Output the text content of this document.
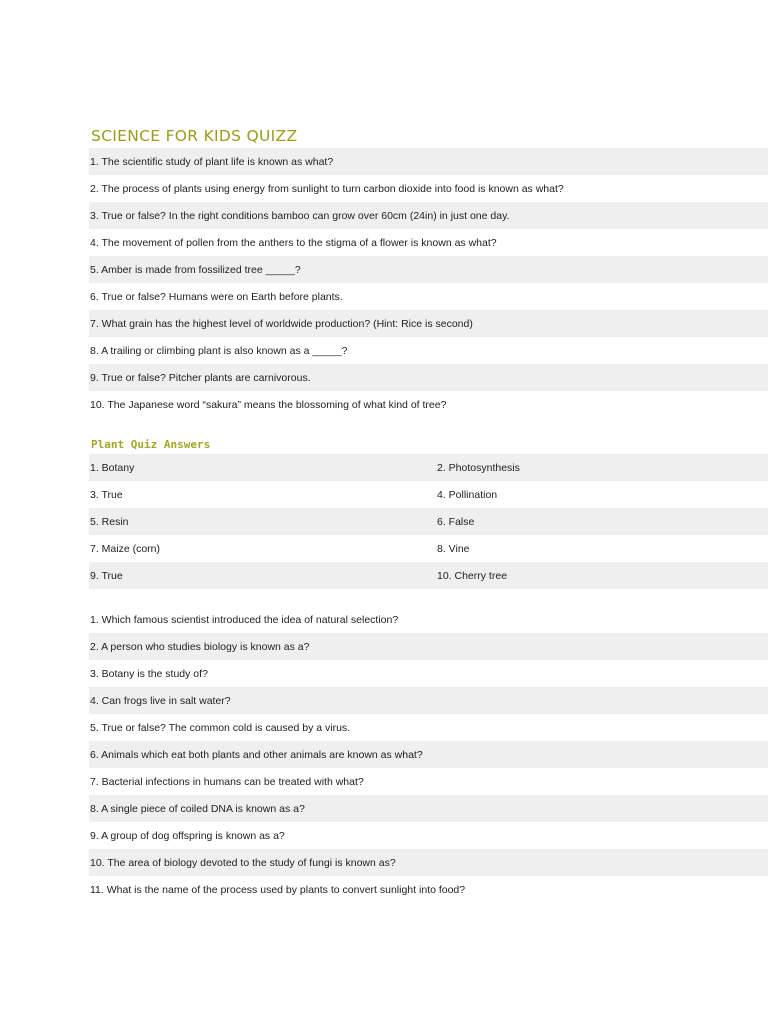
SCIENCE FOR KIDS QUIZZ
1. The scientific study of plant life is known as what?
2. The process of plants using energy from sunlight to turn carbon dioxide into food is known as what?
3. True or false? In the right conditions bamboo can grow over 60cm (24in) in just one day.
4. The movement of pollen from the anthers to the stigma of a flower is known as what?
5. Amber is made from fossilized tree _____?
6. True or false? Humans were on Earth before plants.
7. What grain has the highest level of worldwide production? (Hint: Rice is second)
8. A trailing or climbing plant is also known as a _____?
9. True or false? Pitcher plants are carnivorous.
10. The Japanese word “sakura” means the blossoming of what kind of tree?
Plant Quiz Answers
1. Botany	2. Photosynthesis
3. True	4. Pollination
5. Resin	6. False
7. Maize (corn)	8. Vine
9. True	10. Cherry tree
1. Which famous scientist introduced the idea of natural selection?
2. A person who studies biology is known as a?
3. Botany is the study of?
4. Can frogs live in salt water?
5. True or false? The common cold is caused by a virus.
6. Animals which eat both plants and other animals are known as what?
7. Bacterial infections in humans can be treated with what?
8. A single piece of coiled DNA is known as a?
9. A group of dog offspring is known as a?
10. The area of biology devoted to the study of fungi is known as?
11. What is the name of the process used by plants to convert sunlight into food?
